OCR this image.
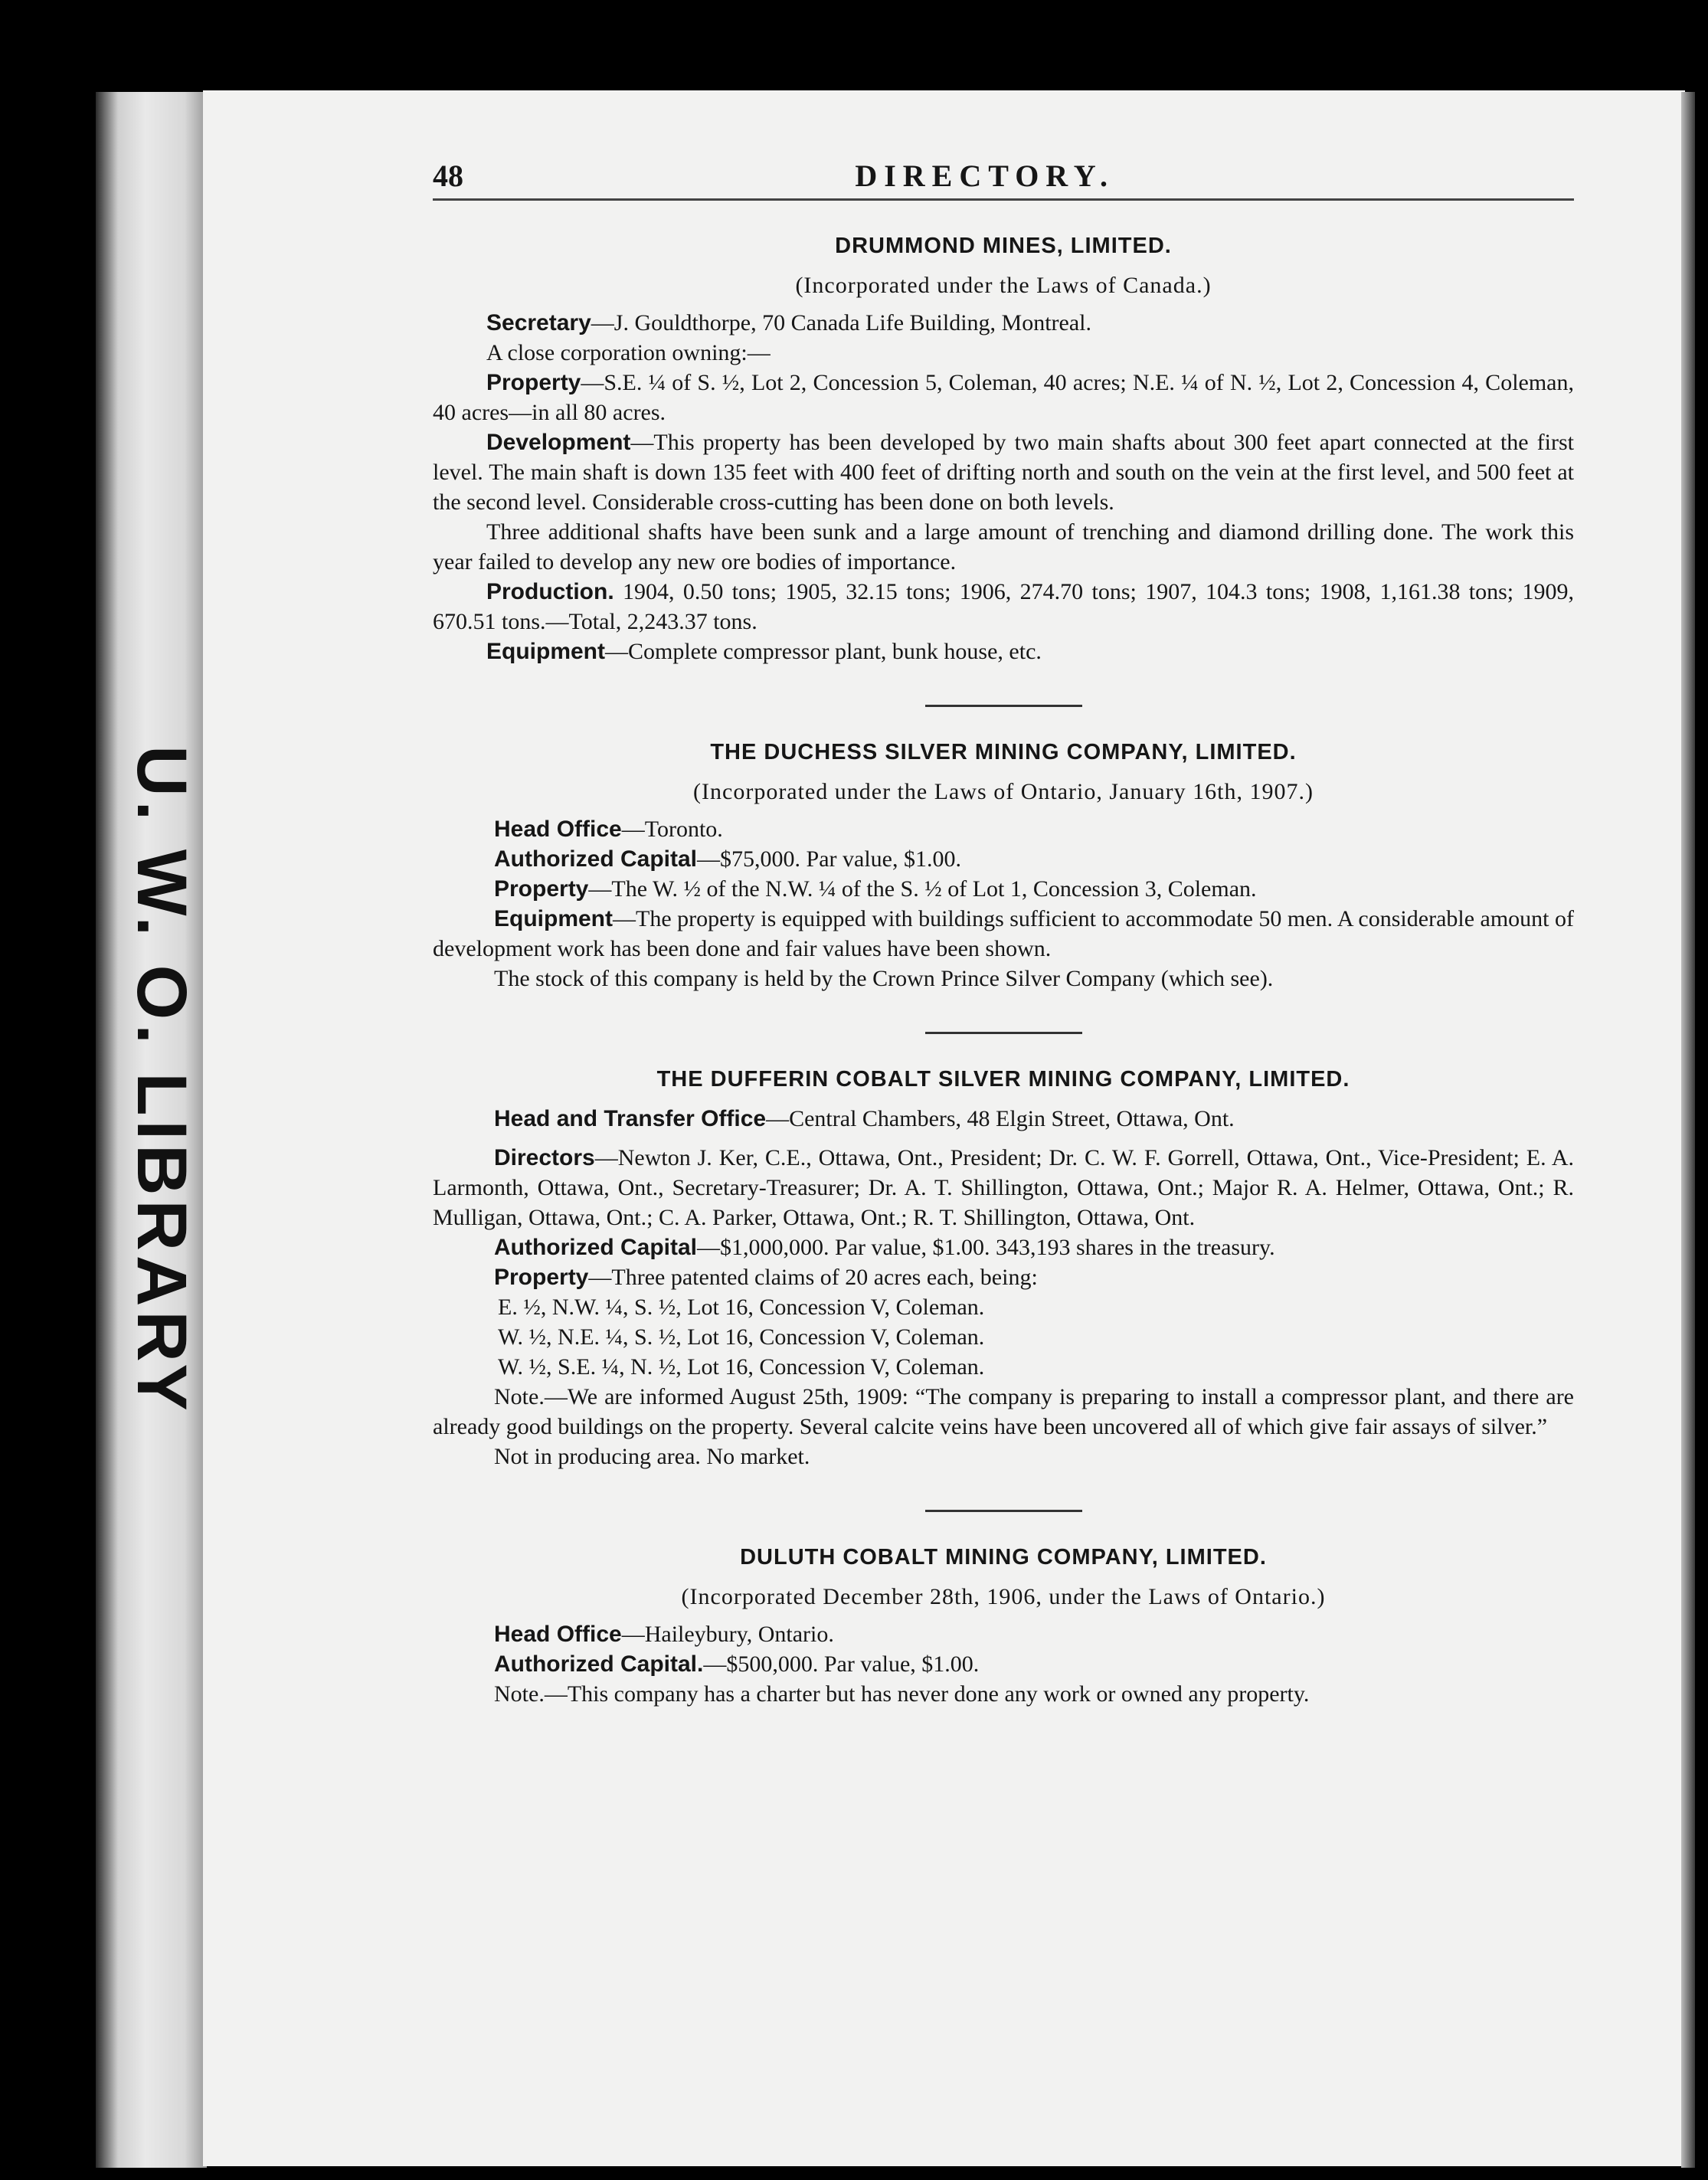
U. W. O. LIBRARY
48	DIRECTORY.
DRUMMOND MINES, LIMITED.
(Incorporated under the Laws of Canada.)

Secretary—J. Gouldthorpe, 70 Canada Life Building, Montreal.

A close corporation owning:—

Property—S.E. ¼ of S. ½, Lot 2, Concession 5, Coleman, 40 acres; N.E. ¼ of N. ½, Lot 2, Concession 4, Coleman, 40 acres—in all 80 acres.

Development—This property has been developed by two main shafts about 300 feet apart connected at the first level. The main shaft is down 135 feet with 400 feet of drifting north and south on the vein at the first level, and 500 feet at the second level. Considerable cross-cutting has been done on both levels.

Three additional shafts have been sunk and a large amount of trenching and diamond drilling done. The work this year failed to develop any new ore bodies of importance.

Production. 1904, 0.50 tons; 1905, 32.15 tons; 1906, 274.70 tons; 1907, 104.3 tons; 1908, 1,161.38 tons; 1909, 670.51 tons.—Total, 2,243.37 tons.

Equipment—Complete compressor plant, bunk house, etc.

THE DUCHESS SILVER MINING COMPANY, LIMITED.
(Incorporated under the Laws of Ontario, January 16th, 1907.)

Head Office—Toronto.

Authorized Capital—$75,000. Par value, $1.00.

Property—The W. ½ of the N.W. ¼ of the S. ½ of Lot 1, Concession 3, Coleman.

Equipment—The property is equipped with buildings sufficient to accommodate 50 men. A considerable amount of development work has been done and fair values have been shown.

The stock of this company is held by the Crown Prince Silver Company (which see).

THE DUFFERIN COBALT SILVER MINING COMPANY, LIMITED.

Head and Transfer Office—Central Chambers, 48 Elgin Street, Ottawa, Ont.

Directors—Newton J. Ker, C.E., Ottawa, Ont., President; Dr. C. W. F. Gorrell, Ottawa, Ont., Vice-President; E. A. Larmonth, Ottawa, Ont., Secretary-Treasurer; Dr. A. T. Shillington, Ottawa, Ont.; Major R. A. Helmer, Ottawa, Ont.; R. Mulligan, Ottawa, Ont.; C. A. Parker, Ottawa, Ont.; R. T. Shillington, Ottawa, Ont.

Authorized Capital—$1,000,000. Par value, $1.00. 343,193 shares in the treasury.

Property—Three patented claims of 20 acres each, being:

E. ½, N.W. ¼, S. ½, Lot 16, Concession V, Coleman.

W. ½, N.E. ¼, S. ½, Lot 16, Concession V, Coleman.

W. ½, S.E. ¼, N. ½, Lot 16, Concession V, Coleman.

Note.—We are informed August 25th, 1909: “The company is preparing to install a compressor plant, and there are already good buildings on the property. Several calcite veins have been uncovered all of which give fair assays of silver.”

Not in producing area. No market.

DULUTH COBALT MINING COMPANY, LIMITED.
(Incorporated December 28th, 1906, under the Laws of Ontario.)

Head Office—Haileybury, Ontario.

Authorized Capital.—$500,000. Par value, $1.00.

Note.—This company has a charter but has never done any work or owned any property.
